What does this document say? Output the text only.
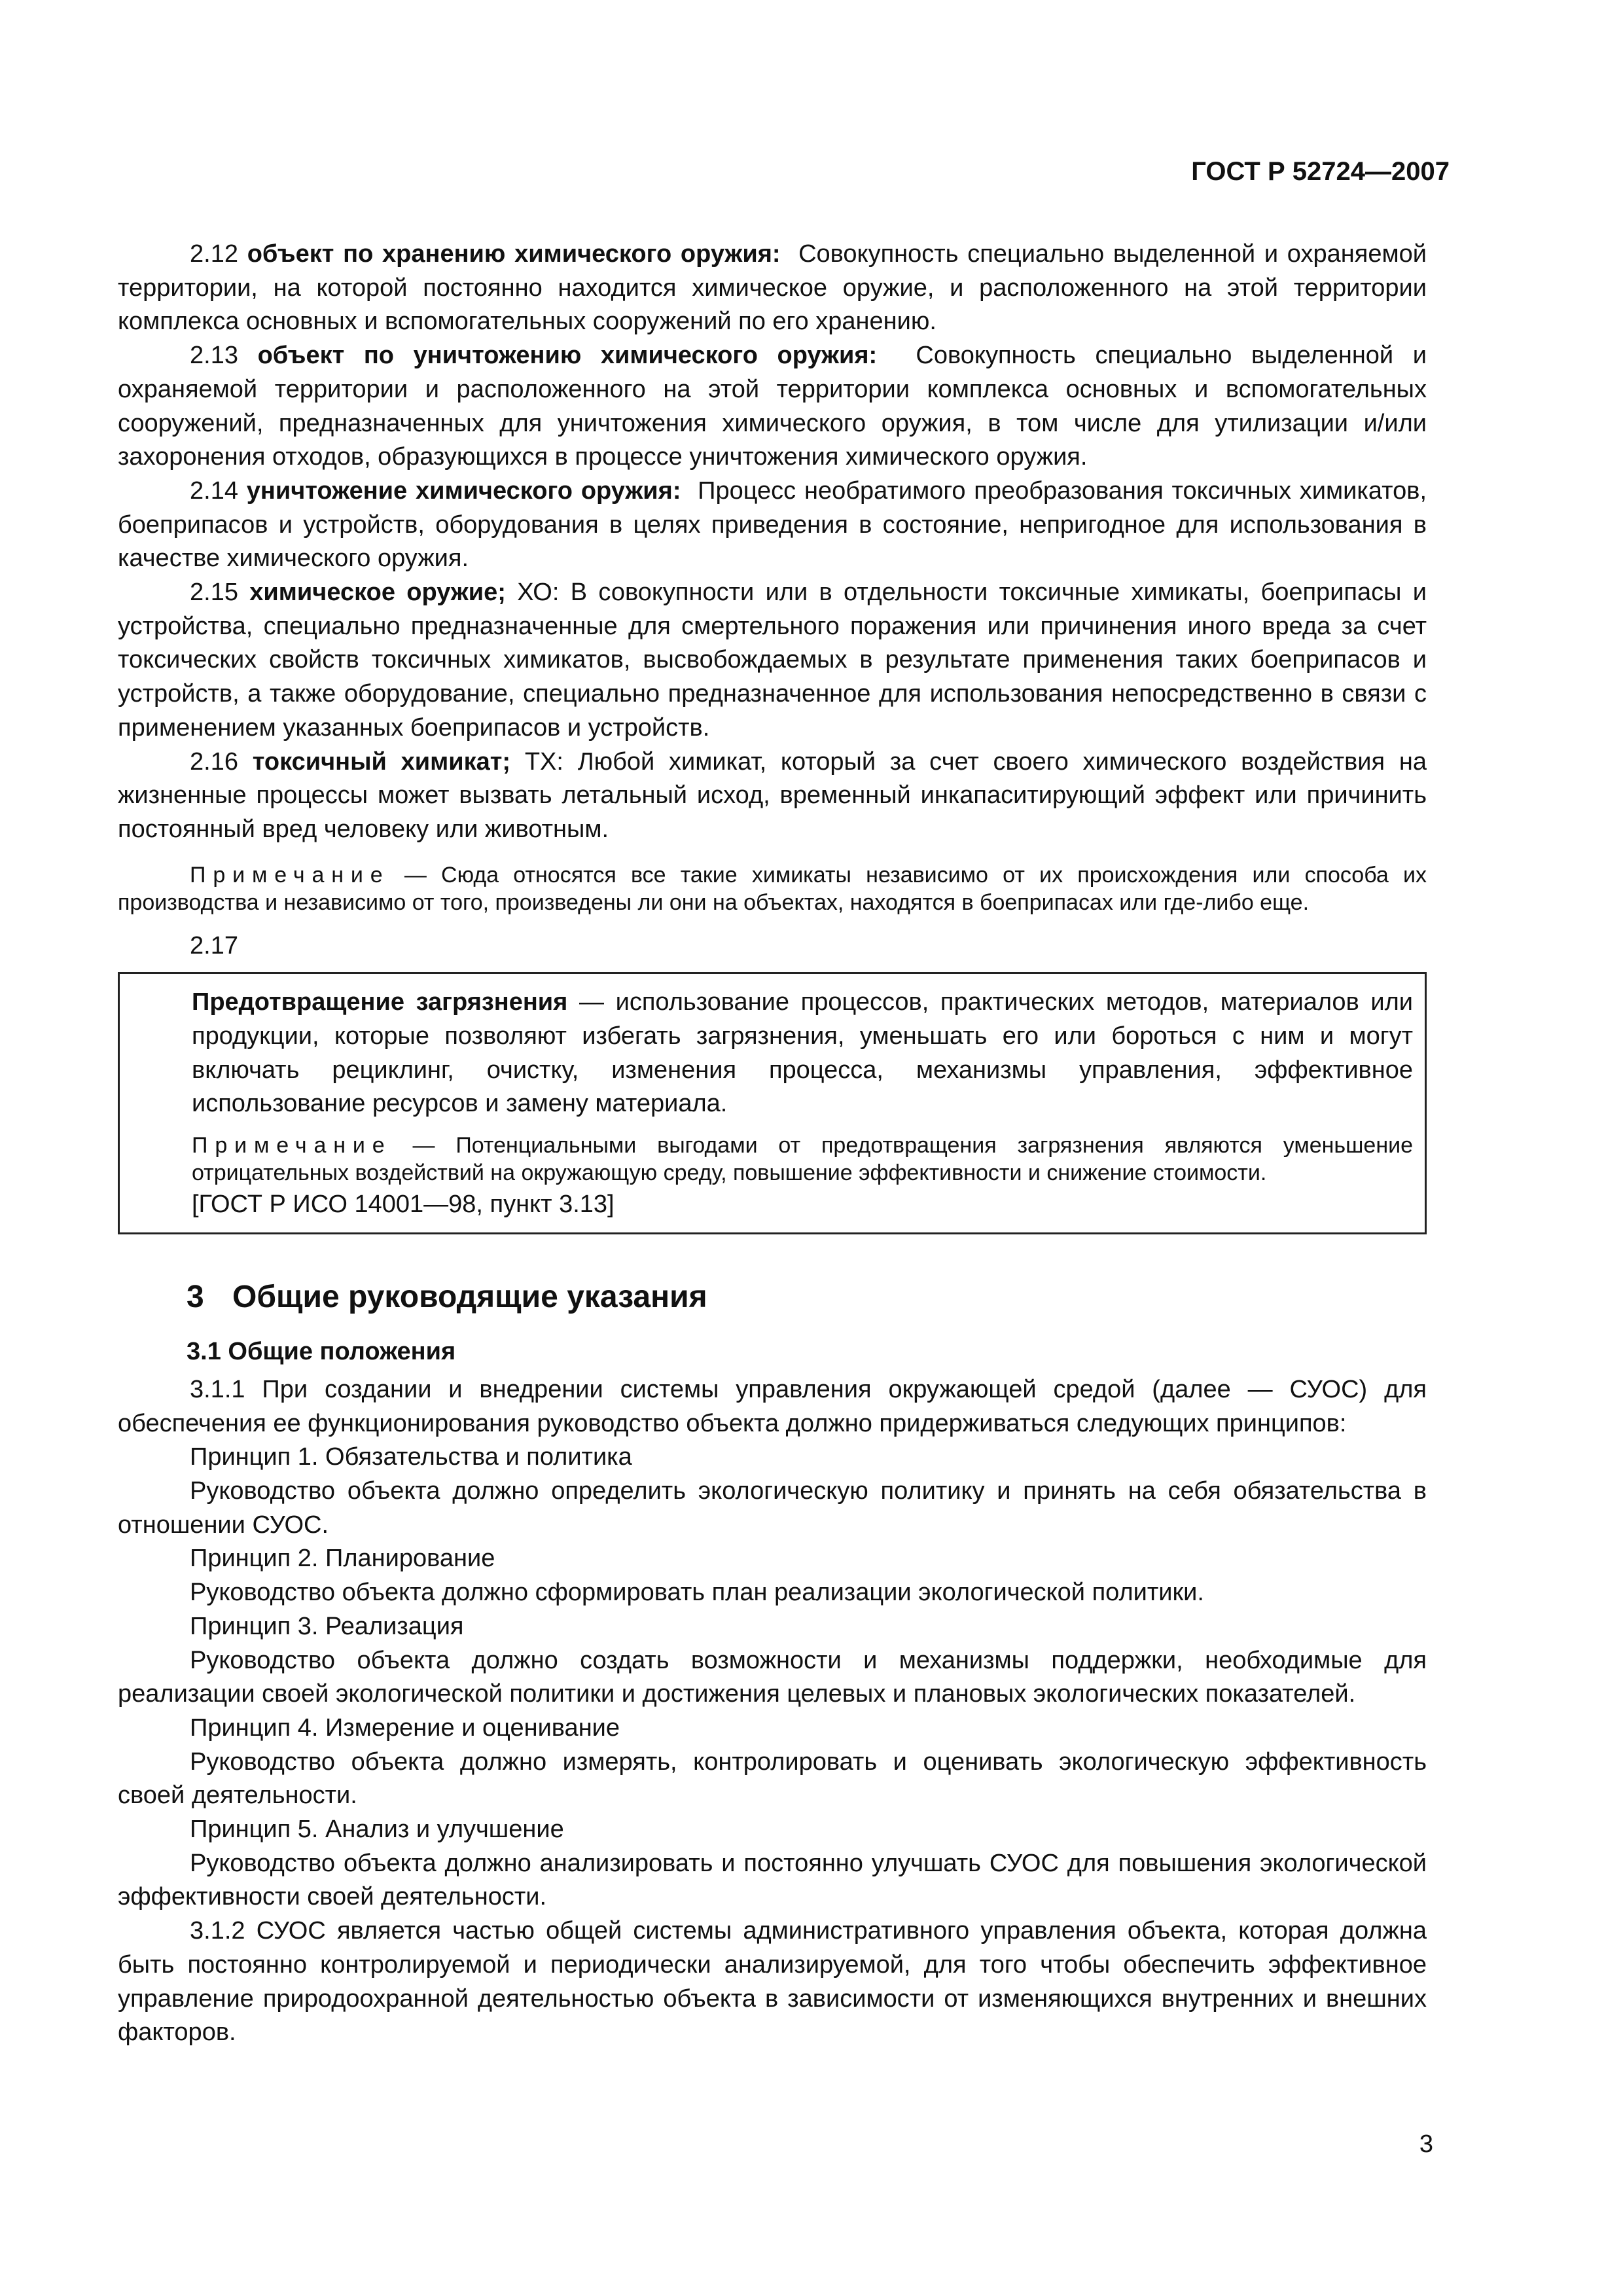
ГОСТ Р 52724—2007

2.12 объект по хранению химического оружия: Совокупность специально выделенной и охраняемой территории, на которой постоянно находится химическое оружие, и расположенного на этой территории комплекса основных и вспомогательных сооружений по его хранению.

2.13 объект по уничтожению химического оружия: Совокупность специально выделенной и охраняемой территории и расположенного на этой территории комплекса основных и вспомогательных сооружений, предназначенных для уничтожения химического оружия, в том числе для утилизации и/или захоронения отходов, образующихся в процессе уничтожения химического оружия.

2.14 уничтожение химического оружия: Процесс необратимого преобразования токсичных химикатов, боеприпасов и устройств, оборудования в целях приведения в состояние, непригодное для использования в качестве химического оружия.

2.15 химическое оружие; ХО: В совокупности или в отдельности токсичные химикаты, боеприпасы и устройства, специально предназначенные для смертельного поражения или причинения иного вреда за счет токсических свойств токсичных химикатов, высвобождаемых в результате применения таких боеприпасов и устройств, а также оборудование, специально предназначенное для использования непосредственно в связи с применением указанных боеприпасов и устройств.

2.16 токсичный химикат; ТХ: Любой химикат, который за счет своего химического воздействия на жизненные процессы может вызвать летальный исход, временный инкапаситирующий эффект или причинить постоянный вред человеку или животным.

Примечание — Сюда относятся все такие химикаты независимо от их происхождения или способа их производства и независимо от того, произведены ли они на объектах, находятся в боеприпасах или где-либо еще.

2.17

Предотвращение загрязнения — использование процессов, практических методов, материалов или продукции, которые позволяют избегать загрязнения, уменьшать его или бороться с ним и могут включать рециклинг, очистку, изменения процесса, механизмы управления, эффективное использование ресурсов и замену материала.

Примечание — Потенциальными выгодами от предотвращения загрязнения являются уменьшение отрицательных воздействий на окружающую среду, повышение эффективности и снижение стоимости.

[ГОСТ Р ИСО 14001—98, пункт 3.13]

3 Общие руководящие указания
3.1 Общие положения

3.1.1 При создании и внедрении системы управления окружающей средой (далее — СУОС) для обеспечения ее функционирования руководство объекта должно придерживаться следующих принципов:

Принцип 1. Обязательства и политика

Руководство объекта должно определить экологическую политику и принять на себя обязательства в отношении СУОС.

Принцип 2. Планирование

Руководство объекта должно сформировать план реализации экологической политики.

Принцип 3. Реализация

Руководство объекта должно создать возможности и механизмы поддержки, необходимые для реализации своей экологической политики и достижения целевых и плановых экологических показателей.

Принцип 4. Измерение и оценивание

Руководство объекта должно измерять, контролировать и оценивать экологическую эффективность своей деятельности.

Принцип 5. Анализ и улучшение

Руководство объекта должно анализировать и постоянно улучшать СУОС для повышения экологической эффективности своей деятельности.

3.1.2 СУОС является частью общей системы административного управления объекта, которая должна быть постоянно контролируемой и периодически анализируемой, для того чтобы обеспечить эффективное управление природоохранной деятельностью объекта в зависимости от изменяющихся внутренних и внешних факторов.

3
